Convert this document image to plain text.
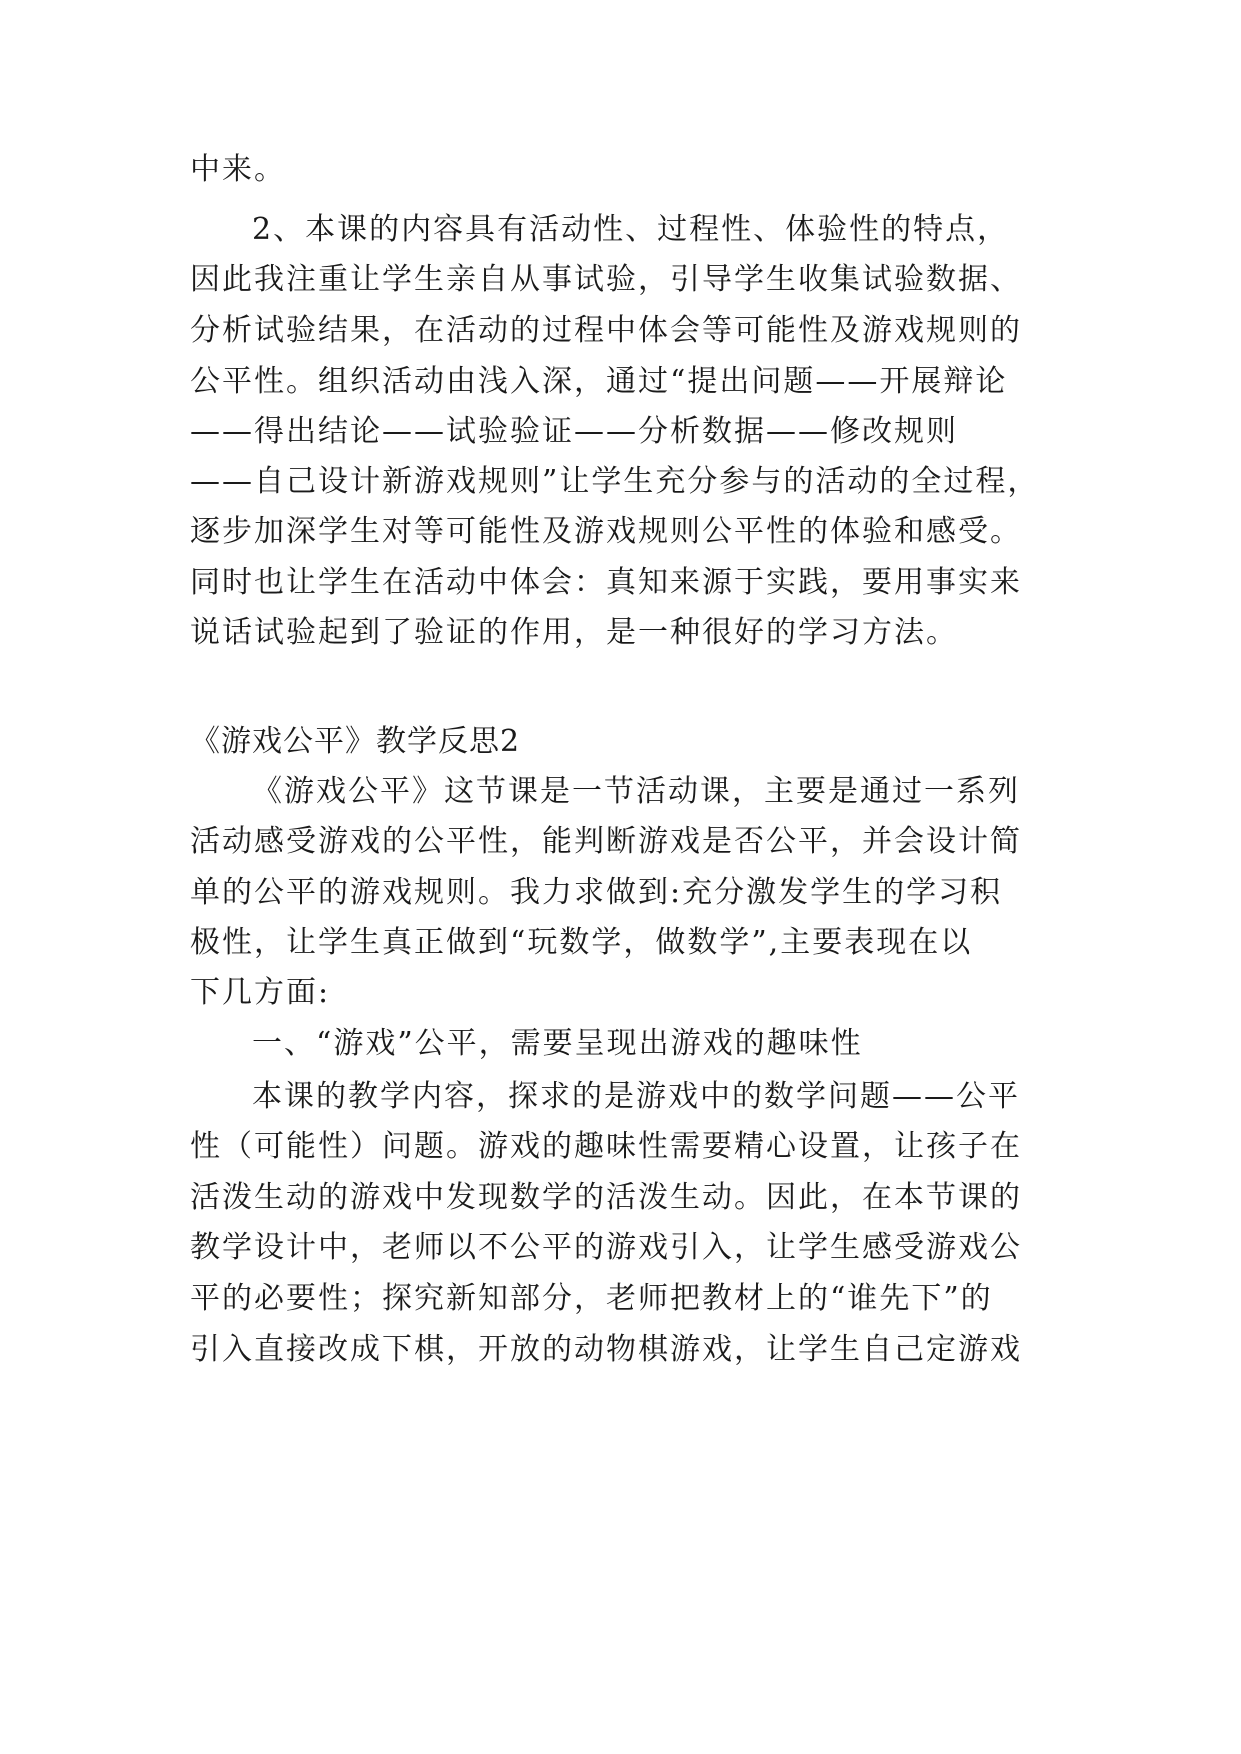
中来。
2、本课的内容具有活动性、过程性、体验性的特点，
因此我注重让学生亲自从事试验，引导学生收集试验数据、
分析试验结果，在活动的过程中体会等可能性及游戏规则的
公平性。组织活动由浅入深，通过“提出问题——开展辩论
——得出结论——试验验证——分析数据——修改规则
——自己设计新游戏规则”让学生充分参与的活动的全过程，
逐步加深学生对等可能性及游戏规则公平性的体验和感受。
同时也让学生在活动中体会：真知来源于实践，要用事实来
说话试验起到了验证的作用，是一种很好的学习方法。
《游戏公平》教学反思2
《游戏公平》这节课是一节活动课，主要是通过一系列
活动感受游戏的公平性，能判断游戏是否公平，并会设计简
单的公平的游戏规则。我力求做到:充分激发学生的学习积
极性，让学生真正做到“玩数学，做数学”,主要表现在以
下几方面:
一、“游戏”公平，需要呈现出游戏的趣味性
本课的教学内容，探求的是游戏中的数学问题——公平
性（可能性）问题。游戏的趣味性需要精心设置，让孩子在
活泼生动的游戏中发现数学的活泼生动。因此，在本节课的
教学设计中，老师以不公平的游戏引入，让学生感受游戏公
平的必要性；探究新知部分，老师把教材上的“谁先下”的
引入直接改成下棋，开放的动物棋游戏，让学生自己定游戏
